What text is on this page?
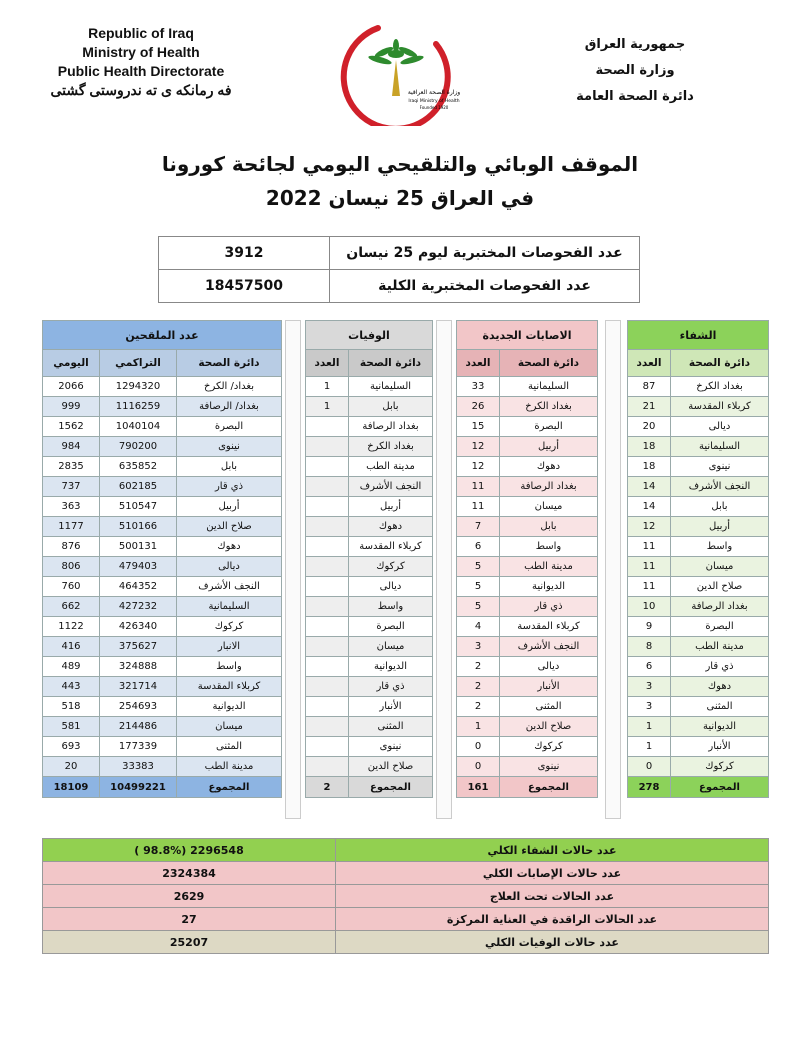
Republic of Iraq
Ministry of Health
Public Health Directorate
فه رمانكه ی ته ندروستی گشتی	وزارة الصحة العراقية
Iraqi Ministry of Health
Founded 1920
جمهورية العراق
وزارة الصحة
دائرة الصحة العامة
الموقف الوبائي والتلقيحي اليومي لجائحة كورونا
في العراق 25 نيسان 2022
3912	عدد الفحوصات المختبرية ليوم 25 نيسان
18457500	عدد الفحوصات المختبرية الكلية
الشفاء	
العدد	دائرة الصحة
87	بغداد الكرخ
21	كربلاء المقدسة
20	ديالى
18	السليمانية
18	نينوى
14	النجف الأشرف
14	بابل
12	أربيل
11	واسط
11	ميسان
11	صلاح الدين
10	بغداد الرصافة
9	البصرة
8	مدينة الطب
6	ذي قار
3	دهوك
3	المثنى
1	الديوانية
1	الأنبار
0	كركوك
278	المجموع
الاصابات الجديدة	
العدد	دائرة الصحة
33	السليمانية
26	بغداد الكرخ
15	البصرة
12	أربيل
12	دهوك
11	بغداد الرصافة
11	ميسان
7	بابل
6	واسط
5	مدينة الطب
5	الديوانية
5	ذي قار
4	كربلاء المقدسة
3	النجف الأشرف
2	ديالى
2	الأنبار
2	المثنى
1	صلاح الدين
0	كركوك
0	نينوى
161	المجموع
الوفيات	
العدد	دائرة الصحة
1	السليمانية
1	بابل
	بغداد الرصافة
	بغداد الكرخ
	مدينة الطب
	النجف الأشرف
	أربيل
	دهوك
	كربلاء المقدسة
	كركوك
	ديالى
	واسط
	البصرة
	ميسان
	الديوانية
	ذي قار
	الأنبار
	المثنى
	نينوى
	صلاح الدين
2	المجموع
عدد الملقحين		
اليومي	التراكمي	دائرة الصحة
2066	1294320	بغداد/ الكرخ
999	1116259	بغداد/ الرصافة
1562	1040104	البصرة
984	790200	نينوى
2835	635852	بابل
737	602185	ذي قار
363	510547	أربيل
1177	510166	صلاح الدين
876	500131	دهوك
806	479403	ديالى
760	464352	النجف الأشرف
662	427232	السليمانية
1122	426340	كركوك
416	375627	الانبار
489	324888	واسط
443	321714	كربلاء المقدسة
518	254693	الديوانية
581	214486	ميسان
693	177339	المثنى
20	33383	مدينة الطب
18109	10499221	المجموع
( 98.8%) 2296548	عدد حالات الشفاء الكلي
2324384	عدد حالات الإصابات الكلي
2629	عدد الحالات تحت العلاج
27	عدد الحالات الراقدة في العناية المركزة
25207	عدد حالات الوفيات الكلي
